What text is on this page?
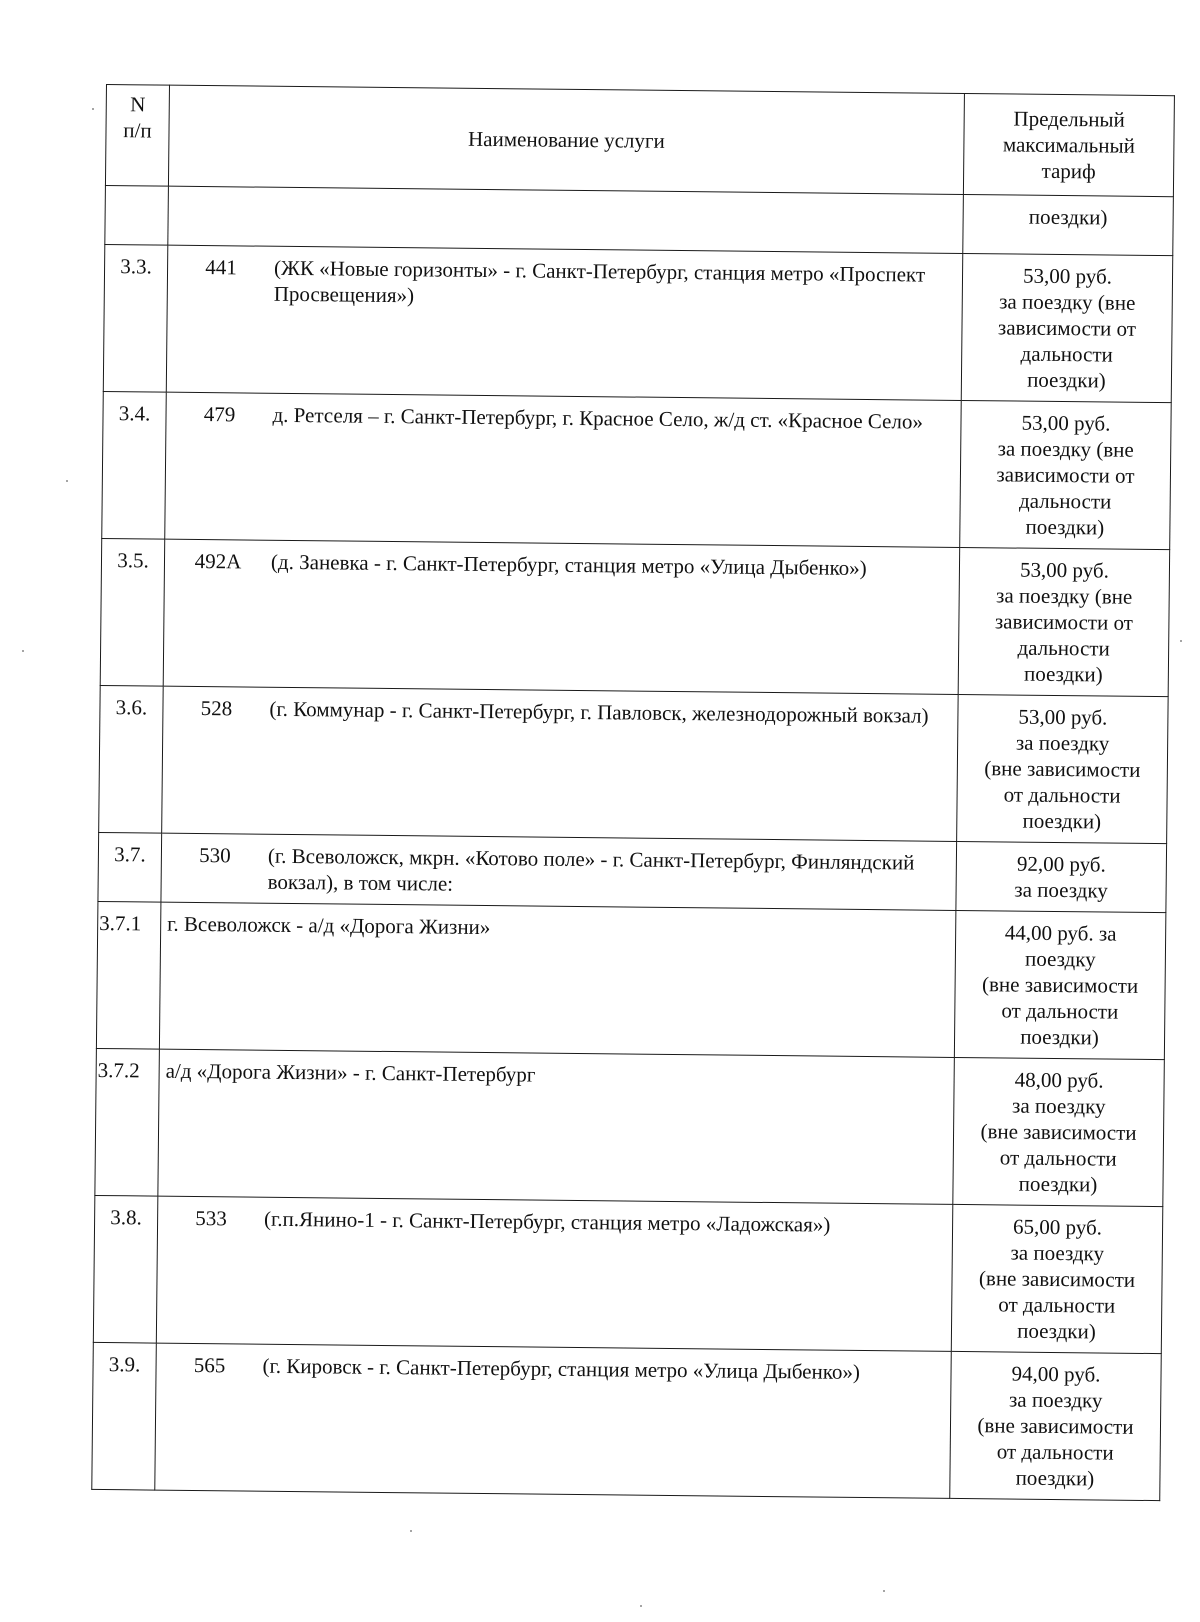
N
п/п	Наименование услуги	Предельный
максимальный
тариф
		поездки)
3.3.	441 (ЖК «Новые горизонты» - г. Санкт-Петербург, станция метро «Проспект Просвещения»)	53,00 руб.
за поездку (вне
зависимости от
дальности
поездки)
3.4.	479 д. Ретселя – г. Санкт-Петербург, г. Красное Село, ж/д ст. «Красное Село»	53,00 руб.
за поездку (вне
зависимости от
дальности
поездки)
3.5.	492А (д. Заневка - г. Санкт-Петербург, станция метро «Улица Дыбенко»)	53,00 руб.
за поездку (вне
зависимости от
дальности
поездки)
3.6.	528 (г. Коммунар - г. Санкт-Петербург, г. Павловск, железнодорожный вокзал)	53,00 руб.
за поездку
(вне зависимости
от дальности
поездки)
3.7.	530 (г. Всеволожск, мкрн. «Котово поле» - г. Санкт-Петербург, Финляндский вокзал), в том числе:	92,00 руб.
за поездку
3.7.1	г. Всеволожск - а/д «Дорога Жизни»	44,00 руб. за
поездку
(вне зависимости
от дальности
поездки)
3.7.2	а/д «Дорога Жизни» - г. Санкт-Петербург	48,00 руб.
за поездку
(вне зависимости
от дальности
поездки)
3.8.	533 (г.п.Янино-1 - г. Санкт-Петербург, станция метро «Ладожская»)	65,00 руб.
за поездку
(вне зависимости
от дальности
поездки)
3.9.	565 (г. Кировск - г. Санкт-Петербург, станция метро «Улица Дыбенко»)	94,00 руб.
за поездку
(вне зависимости
от дальности
поездки)
